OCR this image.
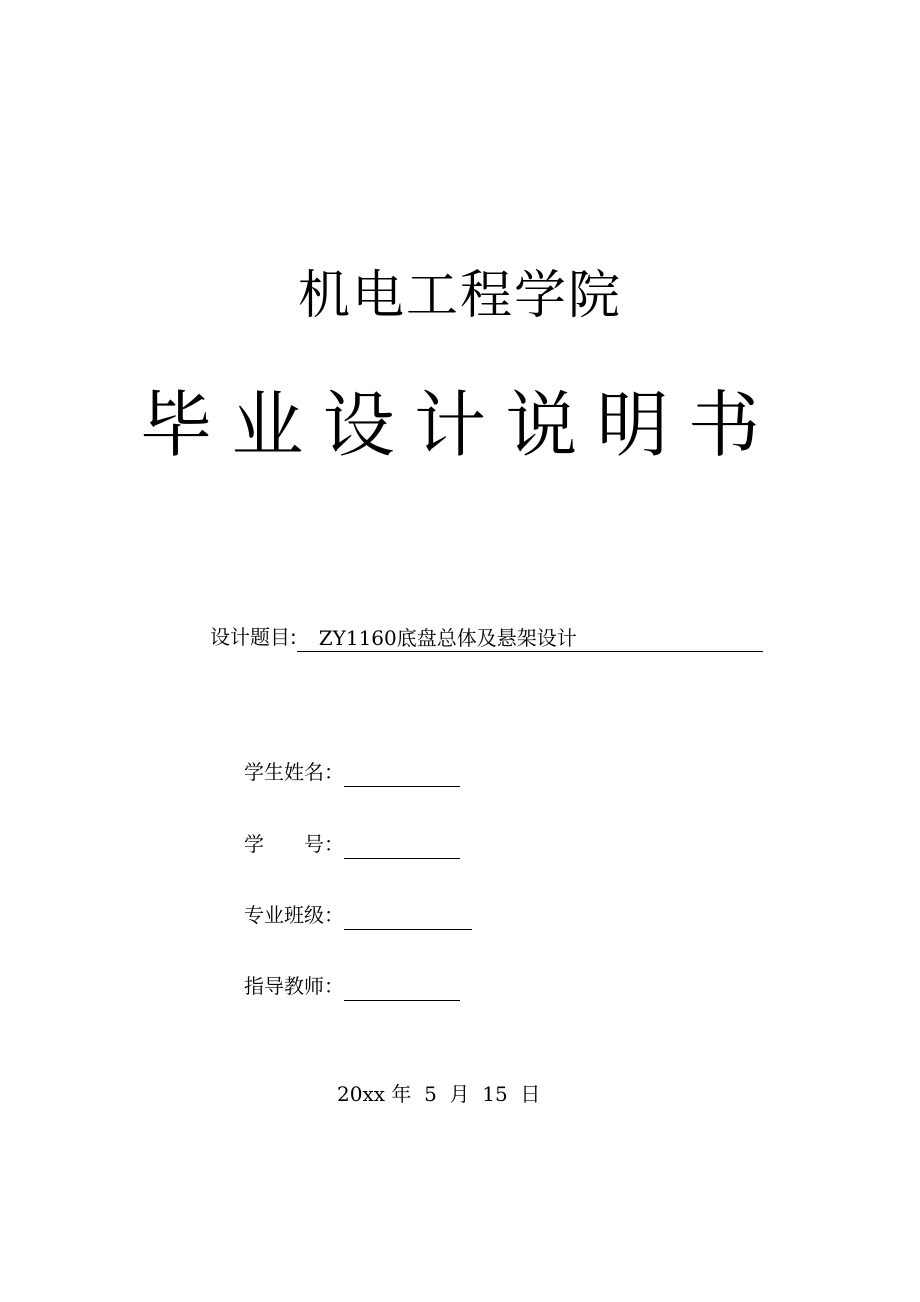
机电工程学院
毕 业 设 计 说 明 书
设计题目:	ZY1160底盘总体及悬架设计
学生姓名：
学　　号：
专业班级：
指导教师：
20xx 年  5  月  15  日
